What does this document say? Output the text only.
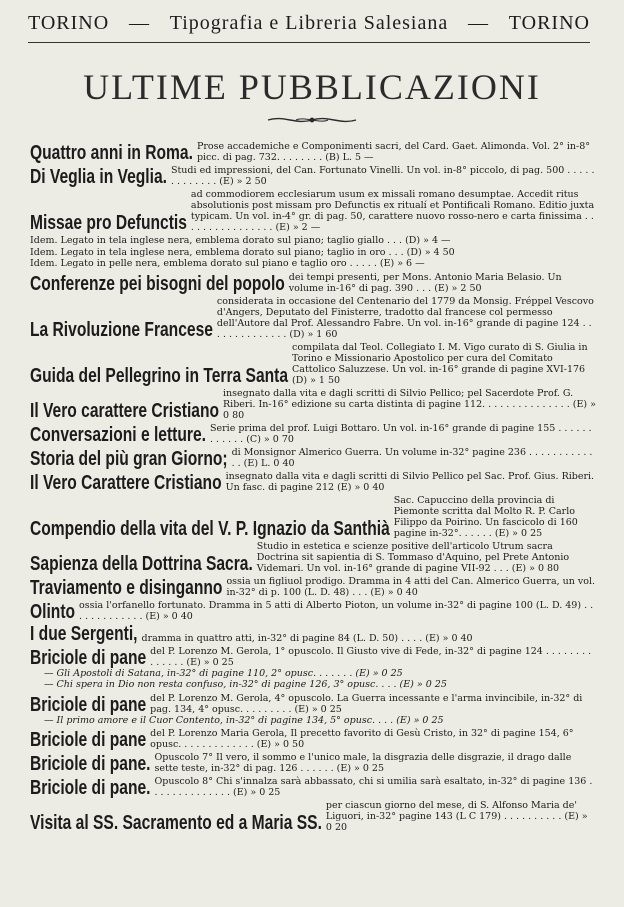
TORINO — Tipografia e Libreria Salesiana — TORINO
ULTIME PUBBLICAZIONI
Quattro anni in Roma. Prose accademiche e Componimenti sacri, del Card. Gaet. Alimonda. Vol. 2° in-8° picc. di pag. 732. . . . . . . . (B) L. 5 —
Di Veglia in Veglia. Studi ed impressioni, del Can. Fortunato Vinelli. Un vol. in-8° piccolo, di pag. 500 . . . . . . . . . . . . . (E) » 2 50
Missae pro Defunctis
ad commodiorem ecclesiarum usum ex missali romano desumptae. Accedit ritus absolutionis post missam pro Defunctis ex ritualí et Pontificali Romano. Editio juxta typicam. Un vol. in-4° gr. di pag. 50, carattere nuovo rosso-nero e carta finissima . . . . . . . . . . . . . . . . (E) » 2 —
Idem. Legato in tela inglese nera, emblema dorato sul piano; taglio giallo . . . (D) » 4 —
Idem. Legato in tela inglese nera, emblema dorato sul piano; taglio in oro . . . (D) » 4 50
Idem. Legato in pelle nera, emblema dorato sul piano e taglio oro . . . . . (E) » 6 —
Conferenze pei bisogni del popolo dei tempi presenti, per Mons. Antonio Maria Belasio. Un volume in-16° di pag. 390 . . . (E) » 2 50
La Rivoluzione Francese
considerata in occasione del Centenario del 1779 da Monsig. Fréppel Vescovo d'Angers, Deputato del Finisterre, tradotto dal francese col permesso dell'Autore dal Prof. Alessandro Fabre. Un vol. in-16° grande di pagine 124 . . . . . . . . . . . . . . (D) » 1 60
Guida del Pellegrino in Terra Santa
compilata dal Teol. Collegiato I. M. Vigo curato di S. Giulia in Torino e Missionario Apostolico per cura del Comitato Cattolico Saluzzese. Un vol. in-16° grande di pagine XVI-176 (D) » 1 50
Il Vero carattere Cristiano
insegnato dalla vita e dagli scritti di Silvio Pellico; pel Sacerdote Prof. G. Riberi. In-16° edizione su carta distinta di pagine 112. . . . . . . . . . . . . . . (E) » 0 80
Conversazioni e letture. Serie prima del prof. Luigi Bottaro. Un vol. in-16° grande di pagine 155 . . . . . . . . . . . . (C) » 0 70
Storia del più gran Giorno; di Monsignor Almerico Guerra. Un volume in-32° pagine 236 . . . . . . . . . . . . . (E) L. 0 40
Il Vero Carattere Cristiano insegnato dalla vita e dagli scritti di Silvio Pellico pel Sac. Prof. Gius. Riberi. Un fasc. di pagine 212 (E) » 0 40
Compendio della vita del V. P. Ignazio da Santhià
Sac. Capuccino della provincia di Piemonte scritta dal Molto R. P. Carlo Filippo da Poirino. Un fascicolo di 160 pagine in-32°. . . . . . (E) » 0 25
Sapienza della Dottrina Sacra.
Studio in estetica e scienze positive dell'articolo Utrum sacra Doctrina sit sapientia di S. Tommaso d'Aquino, pel Prete Antonio Videmari. Un vol. in-16° grande di pagine VII-92 . . . (E) » 0 80
Traviamento e disinganno ossia un figliuol prodigo. Dramma in 4 atti del Can. Almerico Guerra, un vol. in-32° di p. 100 (L. D. 48) . . . (E) » 0 40
Olinto ossia l'orfanello fortunato. Dramma in 5 atti di Alberto Pioton, un volume in-32° di pagine 100 (L. D. 49) . . . . . . . . . . . . . (E) » 0 40
I due Sergenti, dramma in quattro atti, in-32° di pagine 84 (L. D. 50) . . . . (E) » 0 40
Briciole di pane del P. Lorenzo M. Gerola, 1° opuscolo. Il Giusto vive di Fede, in-32° di pagine 124 . . . . . . . . . . . . . . (E) » 0 25
— Gli Apostoli di Satana, in-32° di pagine 110, 2° opusc. . . . . . . (E) » 0 25
— Chi spera in Dio non resta confuso, in-32° di pagine 126, 3° opusc. . . . (E) » 0 25
Briciole di pane del P. Lorenzo M. Gerola, 4° opuscolo. La Guerra incessante e l'arma invincibile, in-32° di pag. 134, 4° opusc. . . . . . . . . (E) » 0 25
— Il primo amore e il Cuor Contento, in-32° di pagine 134, 5° opusc. . . . (E) » 0 25
Briciole di pane del P. Lorenzo Maria Gerola, Il precetto favorito di Gesù Cristo, in 32° di pagine 154, 6° opusc. . . . . . . . . . . . . (E) » 0 50
Briciole di pane. Opuscolo 7° Il vero, il sommo e l'unico male, la disgrazia delle disgrazie, il drago dalle sette teste, in-32° di pag. 126 . . . . . . (E) » 0 25
Briciole di pane. Opuscolo 8° Chi s'innalza sarà abbassato, chi si umilia sarà esaltato, in-32° di pagine 136 . . . . . . . . . . . . . . (E) » 0 25
Visita al SS. Sacramento ed a Maria SS.
per ciascun giorno del mese, di S. Alfonso Maria de' Liguori, in-32° pagine 143 (L C 179) . . . . . . . . . . (E) » 0 20
